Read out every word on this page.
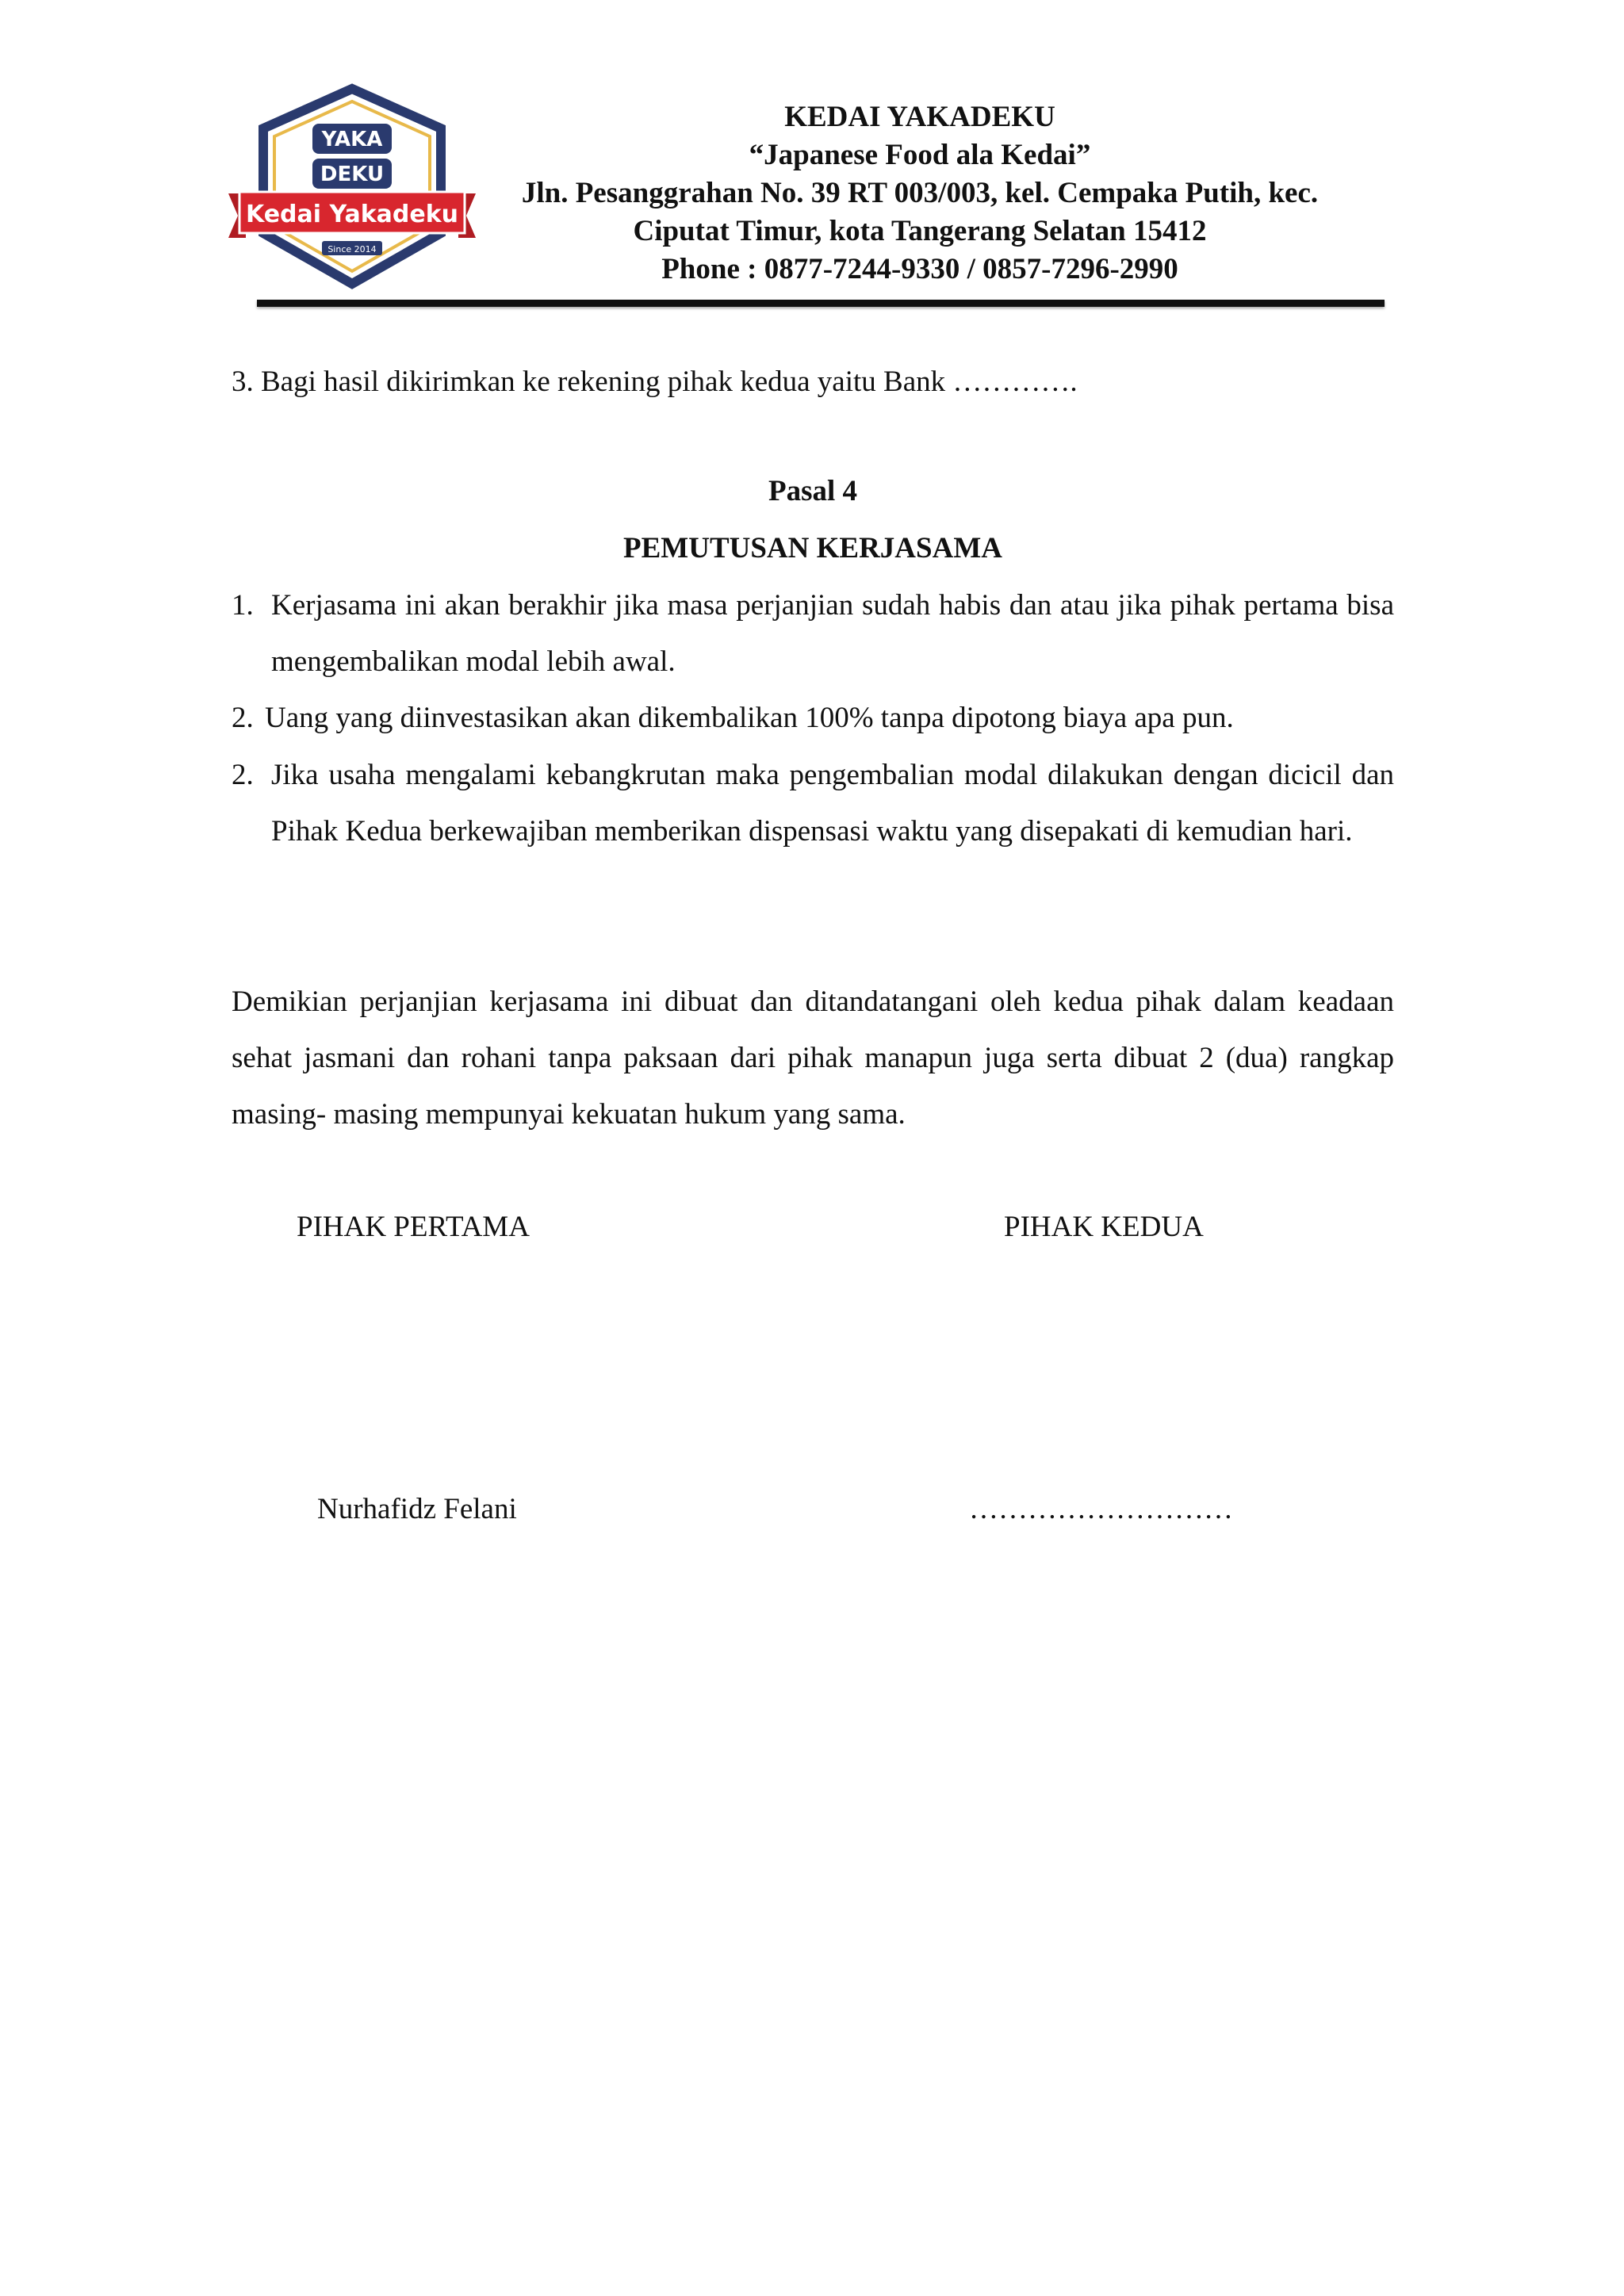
YAKA
DEKU
Kedai Yakadeku
Since 2014
KEDAI YAKADEKU
“Japanese Food ala Kedai”
Jln. Pesanggrahan No. 39 RT 003/003, kel. Cempaka Putih, kec.
Ciputat Timur, kota Tangerang Selatan 15412
Phone : 0877-7244-9330 / 0857-7296-2990
3. Bagi hasil dikirimkan ke rekening pihak kedua yaitu Bank ………….
Pasal 4
PEMUTUSAN KERJASAMA
1. Kerjasama ini akan berakhir jika masa perjanjian sudah habis dan atau jika pihak pertama bisa mengembalikan modal lebih awal.
2. Uang yang diinvestasikan akan dikembalikan 100% tanpa dipotong biaya apa pun.
2. Jika usaha mengalami kebangkrutan maka pengembalian modal dilakukan dengan dicicil dan Pihak Kedua berkewajiban memberikan dispensasi waktu yang disepakati di kemudian hari.
Demikian perjanjian kerjasama ini dibuat dan ditandatangani oleh kedua pihak dalam keadaan sehat jasmani dan rohani tanpa paksaan dari pihak manapun juga serta dibuat 2 (dua) rangkap masing- masing mempunyai kekuatan hukum yang sama.
PIHAK PERTAMA	PIHAK KEDUA
Nurhafidz Felani	………………………
